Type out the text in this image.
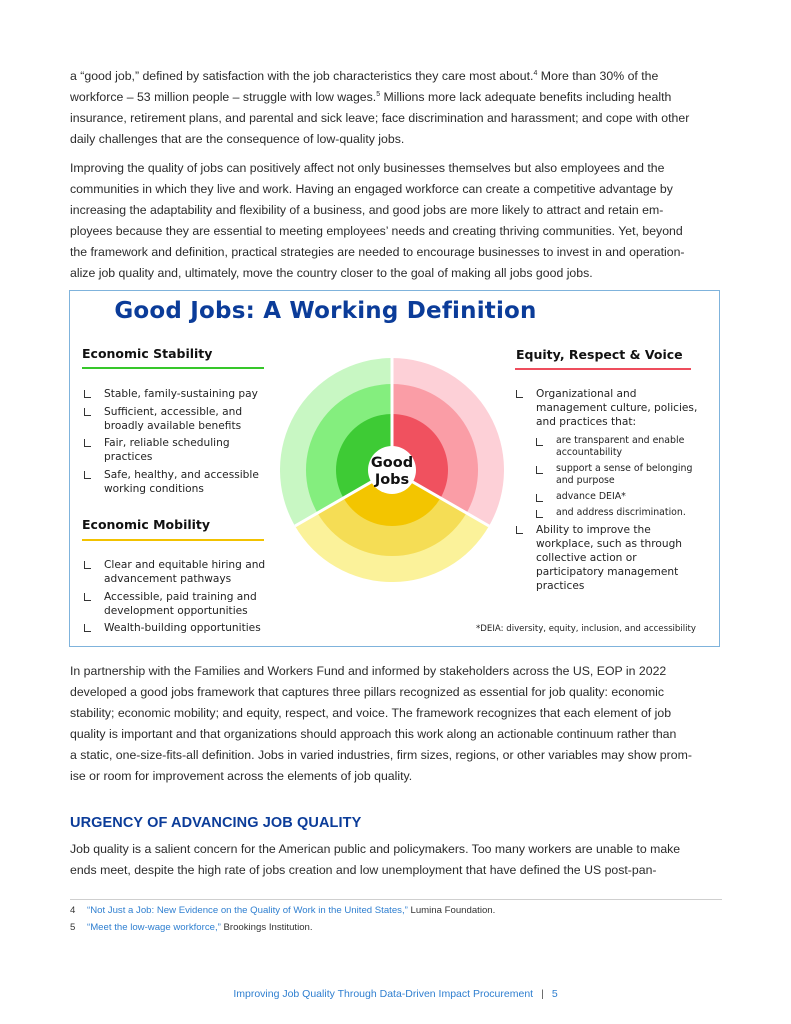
a “good job,” defined by satisfaction with the job characteristics they care most about.$^4$ More than 30% of the
workforce – 53 million people – struggle with low wages.$^5$ Millions more lack adequate benefits including health
insurance, retirement plans, and parental and sick leave; face discrimination and harassment; and cope with other
daily challenges that are the consequence of low-quality jobs.

Improving the quality of jobs can positively affect not only businesses themselves but also employees and the
communities in which they live and work. Having an engaged workforce can create a competitive advantage by
increasing the adaptability and flexibility of a business, and good jobs are more likely to attract and retain em-
ployees because they are essential to meeting employees’ needs and creating thriving communities. Yet, beyond
the framework and definition, practical strategies are needed to encourage businesses to invest in and operation-
alize job quality and, ultimately, move the country closer to the goal of making all jobs good jobs.

Good Jobs: A Working Definition
Economic Stability
Stable, family-sustaining pay
Sufficient, accessible, and broadly available benefits
Fair, reliable scheduling practices
Safe, healthy, and accessible working conditions
Economic Mobility
Clear and equitable hiring and advancement pathways
Accessible, paid training and development opportunities
Wealth-building opportunities
Equity, Respect & Voice
Organizational and management culture, policies, and practices that:
are transparent and enable accountability
support a sense of belonging and purpose
advance DEIA*
and address discrimination.
Ability to improve the workplace, such as through collective action or participatory management practices
Good
Jobs
*DEIA: diversity, equity, inclusion, and accessibility

In partnership with the Families and Workers Fund and informed by stakeholders across the US, EOP in 2022
developed a good jobs framework that captures three pillars recognized as essential for job quality: economic
stability; economic mobility; and equity, respect, and voice. The framework recognizes that each element of job
quality is important and that organizations should approach this work along an actionable continuum rather than
a static, one-size-fits-all definition. Jobs in varied industries, firm sizes, regions, or other variables may show prom-
ise or room for improvement across the elements of job quality.

URGENCY OF ADVANCING JOB QUALITY

Job quality is a salient concern for the American public and policymakers. Too many workers are unable to make
ends meet, despite the high rate of jobs creation and low unemployment that have defined the US post-pan-

4 “Not Just a Job: New Evidence on the Quality of Work in the United States,” Lumina Foundation.
5 “Meet the low-wage workforce,” Brookings Institution.
Improving Job Quality Through Data-Driven Impact Procurement | 5
